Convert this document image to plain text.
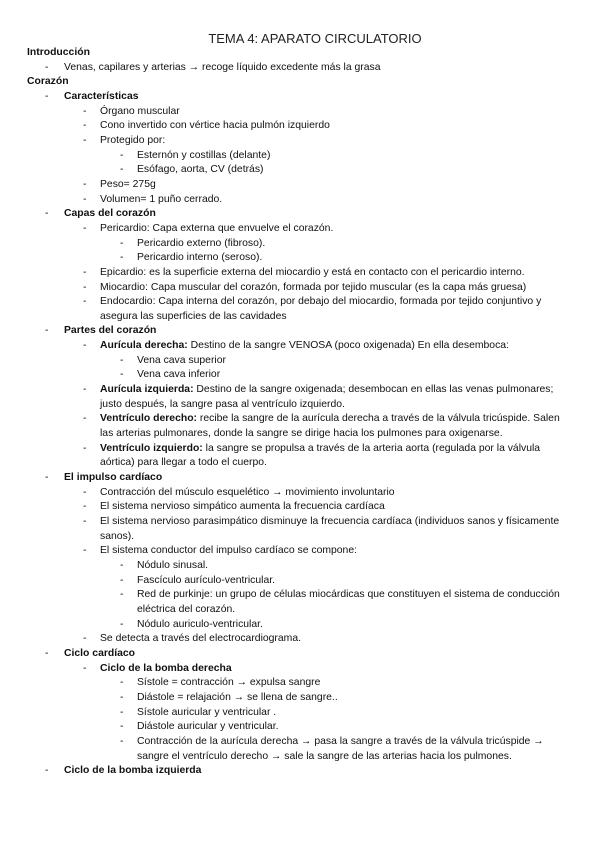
TEMA 4: APARATO CIRCULATORIO
Introducción
- Venas, capilares y arterias → recoge líquido excedente más la grasa
Corazón
- Características
- Órgano muscular
- Cono invertido con vértice hacia pulmón izquierdo
- Protegido por:
- Esternón y costillas (delante)
- Esófago, aorta, CV (detrás)
- Peso= 275g
- Volumen= 1 puño cerrado.
- Capas del corazón
- Pericardio: Capa externa que envuelve el corazón.
- Pericardio externo (fibroso).
- Pericardio interno (seroso).
- Epicardio: es la superficie externa del miocardio y está en contacto con el pericardio interno.
- Miocardio: Capa muscular del corazón, formada por tejido muscular (es la capa más gruesa)
- Endocardio: Capa interna del corazón, por debajo del miocardio, formada por tejido conjuntivo y asegura las superficies de las cavidades
- Partes del corazón
- Aurícula derecha: Destino de la sangre VENOSA (poco oxigenada) En ella desemboca:
- Vena cava superior
- Vena cava inferior
- Aurícula izquierda: Destino de la sangre oxigenada; desembocan en ellas las venas pulmonares; justo después, la sangre pasa al ventrículo izquierdo.
- Ventrículo derecho: recibe la sangre de la aurícula derecha a través de la válvula tricúspide. Salen las arterias pulmonares, donde la sangre se dirige hacia los pulmones para oxigenarse.
- Ventrículo izquierdo: la sangre se propulsa a través de la arteria aorta (regulada por la válvula aórtica) para llegar a todo el cuerpo.
- El impulso cardíaco
- Contracción del músculo esquelético → movimiento involuntario
- El sistema nervioso simpático aumenta la frecuencia cardíaca
- El sistema nervioso parasimpático disminuye la frecuencia cardíaca (individuos sanos y físicamente sanos).
- El sistema conductor del impulso cardíaco se compone:
- Nódulo sinusal.
- Fascículo aurículo-ventricular.
- Red de purkinje: un grupo de células miocárdicas que constituyen el sistema de conducción eléctrica del corazón.
- Nódulo auriculo-ventricular.
- Se detecta a través del electrocardiograma.
- Ciclo cardíaco
- Ciclo de la bomba derecha
- Sístole = contracción → expulsa sangre
- Diástole = relajación → se llena de sangre..
- Sístole auricular y ventricular .
- Diástole auricular y ventricular.
- Contracción de la aurícula derecha → pasa la sangre a través de la válvula tricúspide → sangre el ventrículo derecho → sale la sangre de las arterias hacia los pulmones.
- Ciclo de la bomba izquierda
